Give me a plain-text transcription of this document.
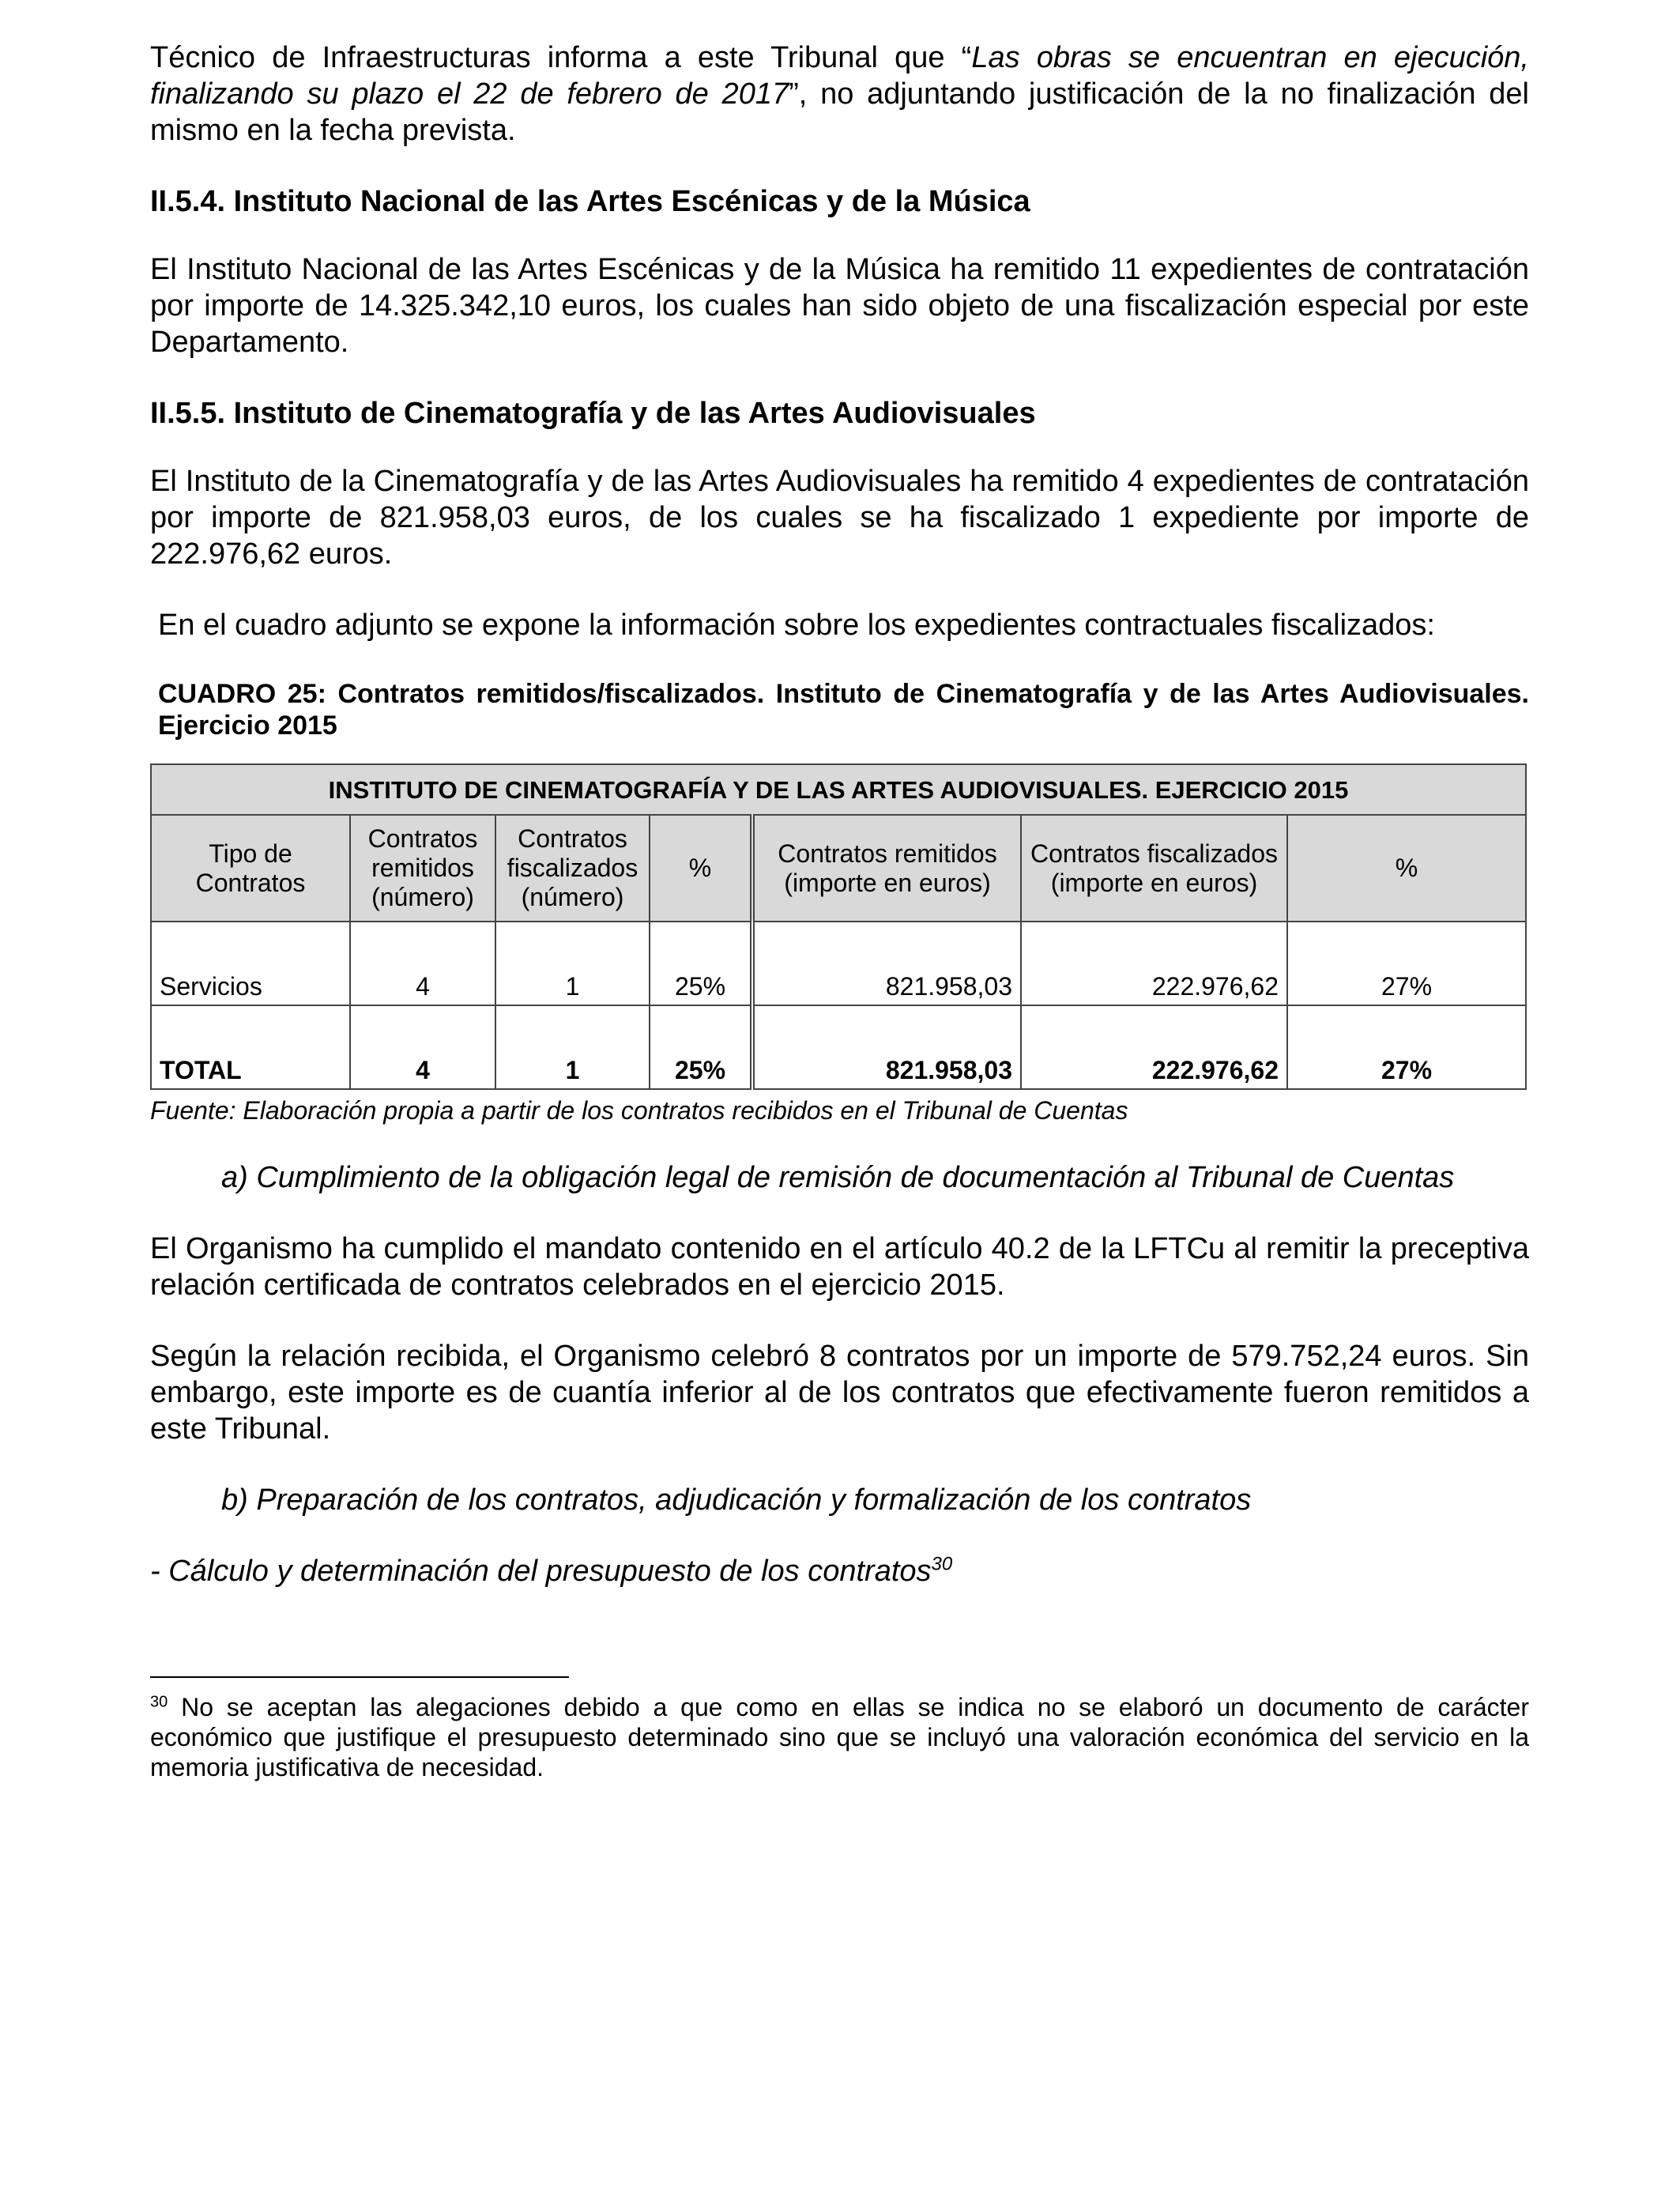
Técnico de Infraestructuras informa a este Tribunal que “Las obras se encuentran en ejecución, finalizando su plazo el 22 de febrero de 2017”, no adjuntando justificación de la no finalización del mismo en la fecha prevista.

II.5.4. Instituto Nacional de las Artes Escénicas y de la Música

El Instituto Nacional de las Artes Escénicas y de la Música ha remitido 11 expedientes de contratación por importe de 14.325.342,10 euros, los cuales han sido objeto de una fiscalización especial por este Departamento.

II.5.5. Instituto de Cinematografía y de las Artes Audiovisuales

El Instituto de la Cinematografía y de las Artes Audiovisuales ha remitido 4 expedientes de contratación por importe de 821.958,03 euros, de los cuales se ha fiscalizado 1 expediente por importe de 222.976,62 euros.

En el cuadro adjunto se expone la información sobre los expedientes contractuales fiscalizados:

CUADRO 25: Contratos remitidos/fiscalizados. Instituto de Cinematografía y de las Artes Audiovisuales. Ejercicio 2015
INSTITUTO DE CINEMATOGRAFÍA Y DE LAS ARTES AUDIOVISUALES. EJERCICIO 2015						
Tipo de Contratos	Contratos remitidos (número)	Contratos fiscalizados (número)	%	Contratos remitidos (importe en euros)	Contratos fiscalizados (importe en euros)	%
Servicios	4	1	25%	821.958,03	222.976,62	27%
TOTAL	4	1	25%	821.958,03	222.976,62	27%
Fuente: Elaboración propia a partir de los contratos recibidos en el Tribunal de Cuentas

a) Cumplimiento de la obligación legal de remisión de documentación al Tribunal de Cuentas

El Organismo ha cumplido el mandato contenido en el artículo 40.2 de la LFTCu al remitir la preceptiva relación certificada de contratos celebrados en el ejercicio 2015.

Según la relación recibida, el Organismo celebró 8 contratos por un importe de 579.752,24 euros. Sin embargo, este importe es de cuantía inferior al de los contratos que efectivamente fueron remitidos a este Tribunal.

b) Preparación de los contratos, adjudicación y formalización de los contratos

- Cálculo y determinación del presupuesto de los contratos$^{30}$

$^{30}$ No se aceptan las alegaciones debido a que como en ellas se indica no se elaboró un documento de carácter económico que justifique el presupuesto determinado sino que se incluyó una valoración económica del servicio en la memoria justificativa de necesidad.
